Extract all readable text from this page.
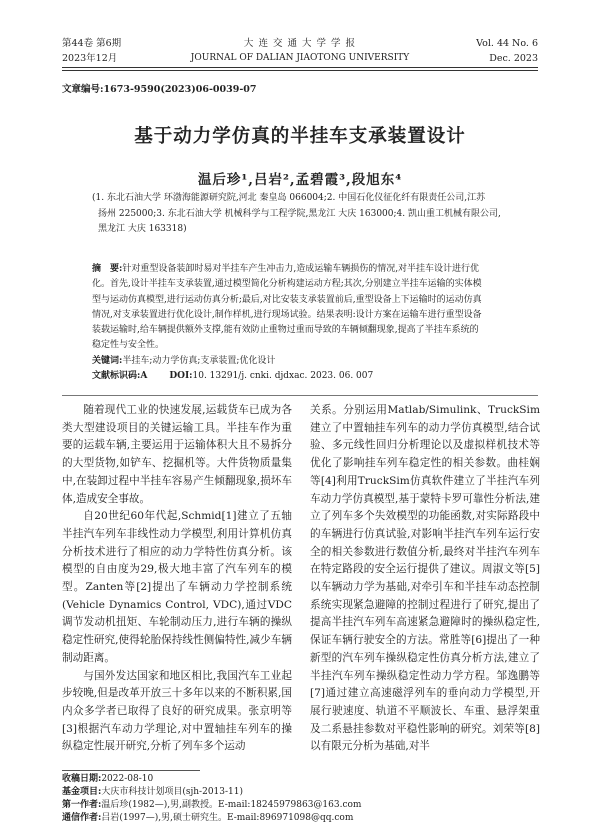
第44卷 第6期
2023年12月
大 连 交 通 大 学 学 报
JOURNAL OF DALIAN JIAOTONG UNIVERSITY
Vol. 44 No. 6
Dec. 2023
文章编号:1673-9590(2023)06-0039-07
基于动力学仿真的半挂车支承装置设计
温后珍¹,吕岩²,孟碧霞³,段旭东⁴
(1. 东北石油大学 环渤海能源研究院,河北 秦皇岛 066004;2. 中国石化仪征化纤有限责任公司,江苏
扬州 225000;3. 东北石油大学 机械科学与工程学院,黑龙江 大庆 163000;4. 凯山重工机械有限公司,
黑龙江 大庆 163318)
摘　要:针对重型设备装卸时易对半挂车产生冲击力,造成运输车辆损伤的情况,对半挂车设计进行优
化。首先,设计半挂车支承装置,通过模型简化分析构建运动方程;其次,分别建立半挂车运输的实体模
型与运动仿真模型,进行运动仿真分析;最后,对比安装支承装置前后,重型设备上下运输时的运动仿真
情况,对支承装置进行优化设计,制作样机,进行现场试验。结果表明:设计方案在运输车进行重型设备
装载运输时,给车辆提供额外支撑,能有效防止重物过重而导致的车辆倾翻现象,提高了半挂车系统的
稳定性与安全性。
关键词:半挂车;动力学仿真;支承装置;优化设计
文献标识码:A DOI:10. 13291/j. cnki. djdxac. 2023. 06. 007

随着现代工业的快速发展,运载货车已成为各类大型建设项目的关键运输工具。半挂车作为重要的运载车辆,主要运用于运输体积大且不易拆分的大型货物,如铲车、挖掘机等。大件货物质量集中,在装卸过程中半挂车容易产生倾翻现象,损坏车体,造成安全事故。

自20世纪60年代起,Schmid[1]建立了五轴半挂汽车列车非线性动力学模型,利用计算机仿真分析技术进行了相应的动力学特性仿真分析。该模型的自由度为29,极大地丰富了汽车列车的模型。Zanten等[2]提出了车辆动力学控制系统(Vehicle Dynamics Control, VDC),通过VDC调节发动机扭矩、车轮制动压力,进行车辆的操纵稳定性研究,使得轮胎保持线性侧偏特性,减少车辆制动距离。

与国外发达国家和地区相比,我国汽车工业起步较晚,但是改革开放三十多年以来的不断积累,国内众多学者已取得了良好的研究成果。张京明等[3]根据汽车动力学理论,对中置轴挂车列车的操纵稳定性展开研究,分析了列车多个运动

关系。分别运用Matlab/Simulink、TruckSim建立了中置轴挂车列车的动力学仿真模型,结合试验、多元线性回归分析理论以及虚拟样机技术等优化了影响挂车列车稳定性的相关参数。曲桂娴等[4]利用TruckSim仿真软件建立了半挂汽车列车动力学仿真模型,基于蒙特卡罗可靠性分析法,建立了列车多个失效模型的功能函数,对实际路段中的车辆进行仿真试验,对影响半挂汽车列车运行安全的相关参数进行数值分析,最终对半挂汽车列车在特定路段的安全运行提供了建议。周淑文等[5]以车辆动力学为基础,对牵引车和半挂车动态控制系统实现紧急避障的控制过程进行了研究,提出了提高半挂汽车列车高速紧急避障时的操纵稳定性,保证车辆行驶安全的方法。常胜等[6]提出了一种新型的汽车列车操纵稳定性仿真分析方法,建立了半挂汽车列车操纵稳定性动力学方程。邹逸鹏等[7]通过建立高速磁浮列车的垂向动力学模型,开展行驶速度、轨道不平顺波长、车重、悬浮架重及二系悬挂参数对平稳性影响的研究。刘荣等[8]以有限元分析为基础,对半

收稿日期:2022-08-10
基金项目:大庆市科技计划项目(sjh-2013-11)
第一作者:温后珍(1982—),男,副教授。E-mail:18245979863@163.com
通信作者:吕岩(1997—),男,硕士研究生。E-mail:896971098@qq.com
